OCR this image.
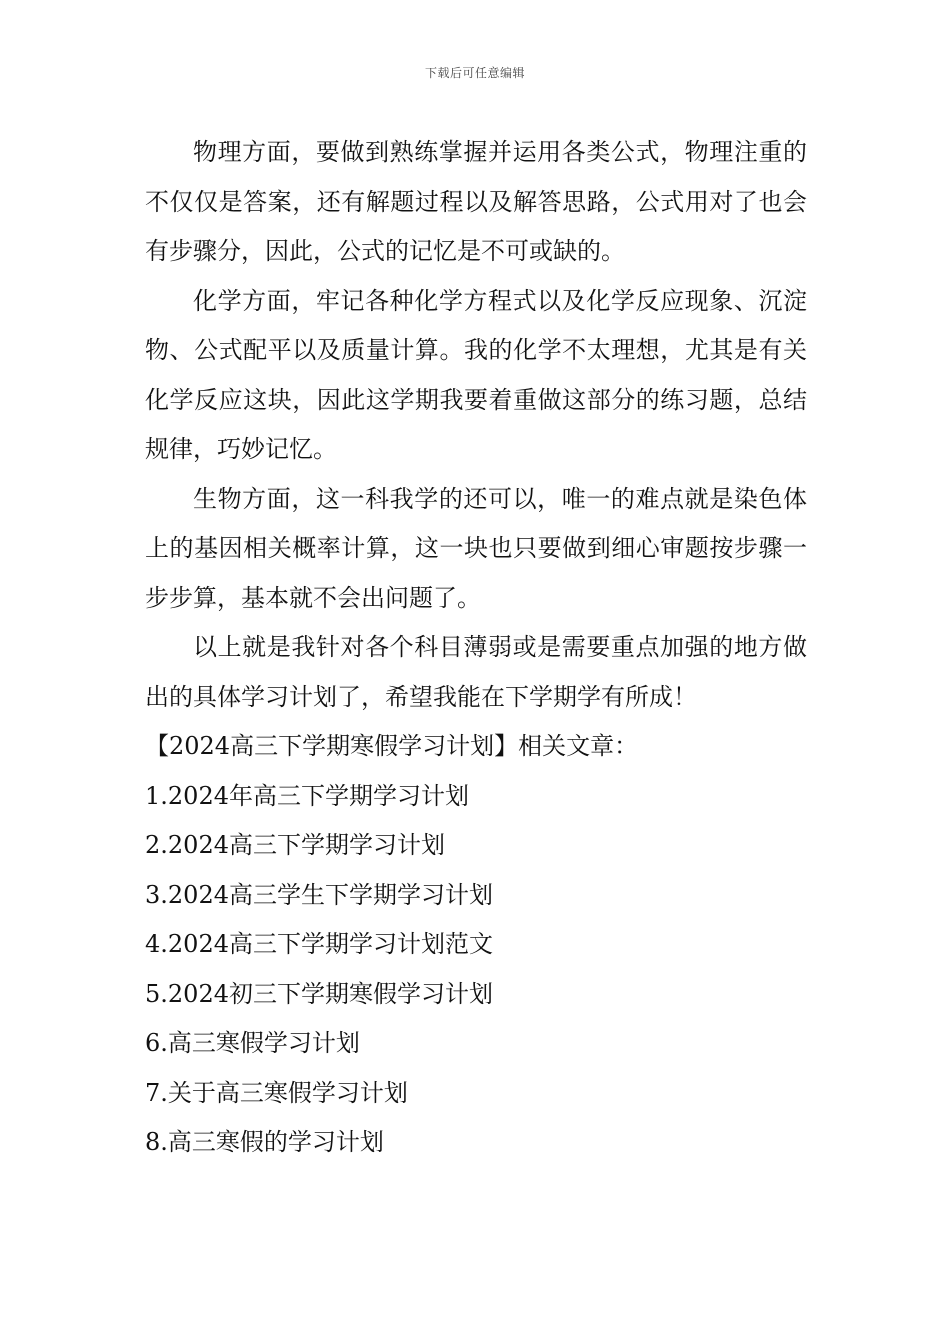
下载后可任意编辑

物理方面，要做到熟练掌握并运用各类公式，物理注重的不仅仅是答案，还有解题过程以及解答思路，公式用对了也会有步骤分，因此，公式的记忆是不可或缺的。

化学方面，牢记各种化学方程式以及化学反应现象、沉淀物、公式配平以及质量计算。我的化学不太理想，尤其是有关化学反应这块，因此这学期我要着重做这部分的练习题，总结规律，巧妙记忆。

生物方面，这一科我学的还可以，唯一的难点就是染色体上的基因相关概率计算，这一块也只要做到细心审题按步骤一步步算，基本就不会出问题了。

以上就是我针对各个科目薄弱或是需要重点加强的地方做出的具体学习计划了，希望我能在下学期学有所成！

【2024高三下学期寒假学习计划】相关文章：

1.2024年高三下学期学习计划
2.2024高三下学期学习计划
3.2024高三学生下学期学习计划
4.2024高三下学期学习计划范文
5.2024初三下学期寒假学习计划
6.高三寒假学习计划
7.关于高三寒假学习计划
8.高三寒假的学习计划
